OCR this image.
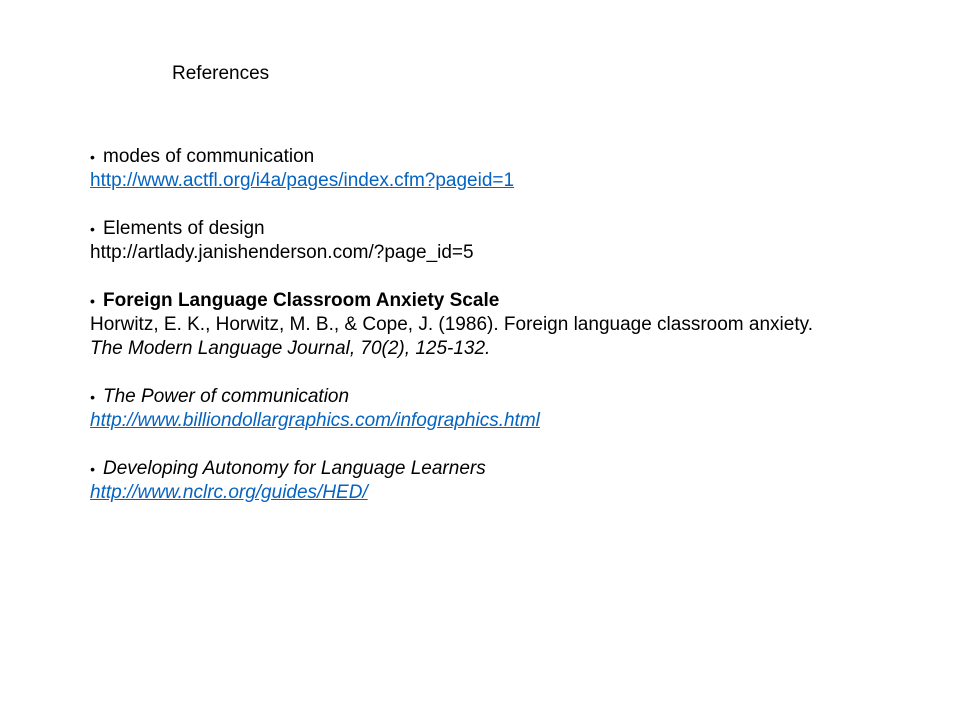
References
• modes of communication
http://www.actfl.org/i4a/pages/index.cfm?pageid=1
• Elements of design
http://artlady.janishenderson.com/?page_id=5
• Foreign Language Classroom Anxiety Scale
Horwitz, E. K., Horwitz, M. B., & Cope, J. (1986). Foreign language classroom anxiety.
The Modern Language Journal, 70(2), 125-132.
• The Power of communication
http://www.billiondollargraphics.com/infographics.html
• Developing Autonomy for Language Learners
http://www.nclrc.org/guides/HED/
